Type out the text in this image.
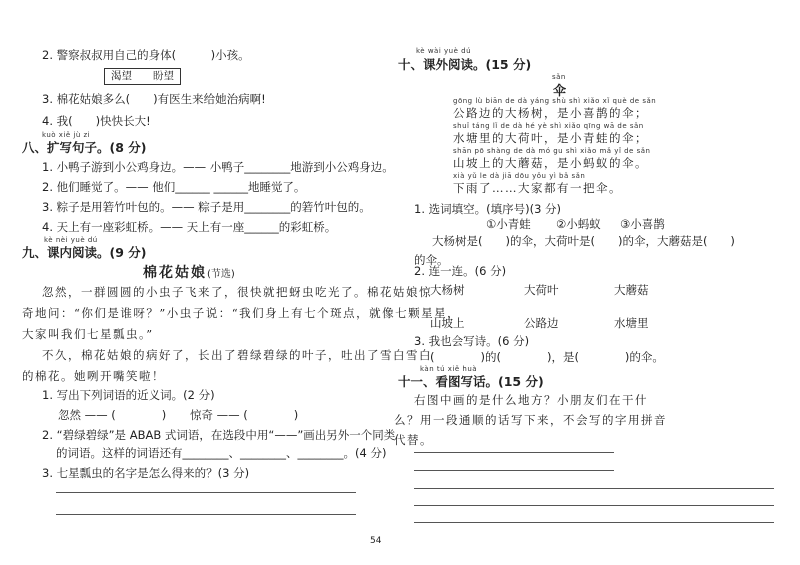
2. 警察叔叔用自己的身体(　　　)小孩。
渴望　　盼望
3. 棉花姑娘多么(　　)有医生来给她治病啊!
4. 我(　　)快快长大!
kuò xiě jù zi
八、扩写句子。(8 分)
1. 小鸭子游到小公鸡身边。—— 小鸭子________地游到小公鸡身边。
2. 他们睡觉了。—— 他们______ ______地睡觉了。
3. 粽子是用箬竹叶包的。—— 粽子是用________的箬竹叶包的。
4. 天上有一座彩虹桥。—— 天上有一座______的彩虹桥。
kè nèi yuè dú
九、课内阅读。(9 分)
棉花姑娘(节选)
忽然，一群圆圆的小虫子飞来了，很快就把蚜虫吃光了。棉花姑娘惊
奇地问：“你们是谁呀？”小虫子说：“我们身上有七个斑点，就像七颗星星，
大家叫我们七星瓢虫。”
不久，棉花姑娘的病好了，长出了碧绿碧绿的叶子，吐出了雪白雪白
的棉花。她咧开嘴笑啦！
1. 写出下列词语的近义词。(2 分)
忽然 —— (　　　　) 惊奇 —— (　　　　)
2. “碧绿碧绿”是 ABAB 式词语，在选段中用“——”画出另外一个同类
的词语。这样的词语还有________、________、________。(4 分)
3. 七星瓢虫的名字是怎么得来的？(3 分)
kè wài yuè dú
十、课外阅读。(15 分)
sǎn
伞
gōng lù biān de dà yáng shù shì xiǎo xǐ què de sǎn
公路边的大杨树，是小喜鹊的伞；
shuǐ táng lǐ de dà hé yè shì xiǎo qīng wā de sǎn
水塘里的大荷叶，是小青蛙的伞；
shān pō shàng de dà mó gu shì xiǎo mǎ yǐ de sǎn
山坡上的大蘑菇，是小蚂蚁的伞。
xià yǔ le dà jiā dōu yǒu yì bǎ sǎn
下雨了……大家都有一把伞。
1. 选词填空。(填序号)(3 分)
①小青蛙 ②小蚂蚁 ③小喜鹊
大杨树是(　　)的伞，大荷叶是(　　)的伞，大蘑菇是(　　)
的伞。
2. 连一连。(6 分)
大杨树	大荷叶	大蘑菇
山坡上	公路边	水塘里
3. 我也会写诗。(6 分)
(　　　　)的(　　　　)，是(　　　　)的伞。
kàn tú xiě huà
十一、看图写话。(15 分)
右图中画的是什么地方？小朋友们在干什
么？用一段通顺的话写下来，不会写的字用拼音
代替。
54
